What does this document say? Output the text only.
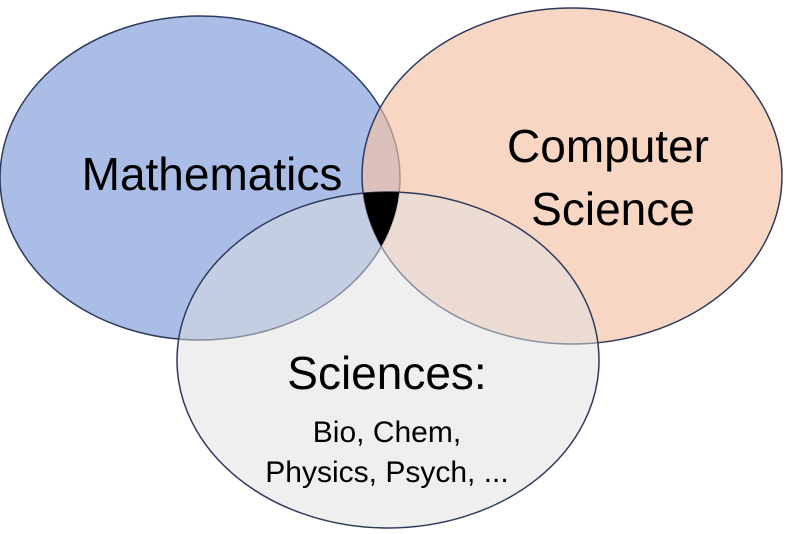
Mathematics
Computer
Science
Sciences:
Bio, Chem,
Physics, Psych, ...
